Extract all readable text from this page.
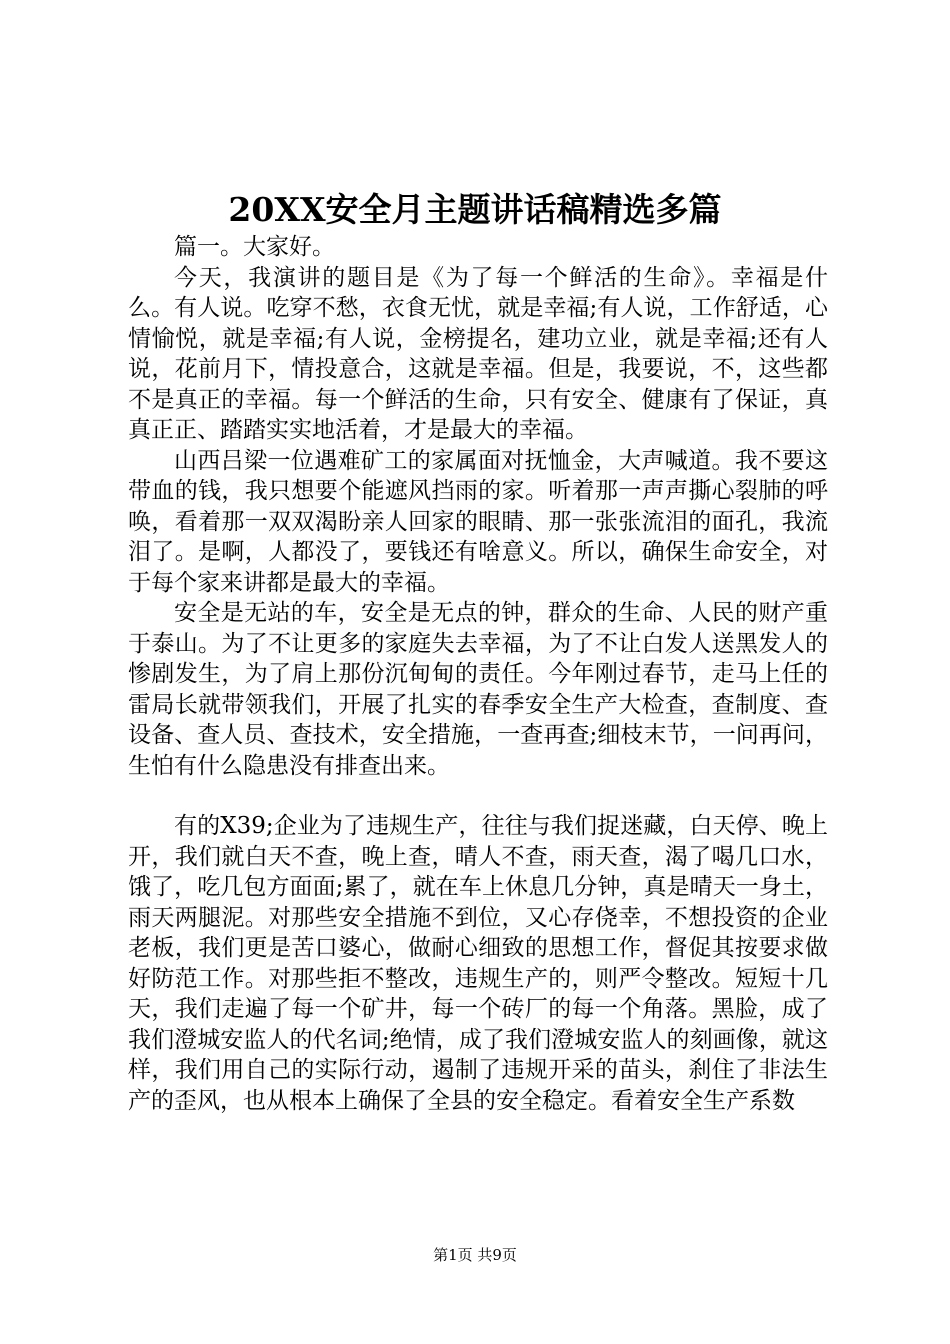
20XX安全月主题讲话稿精选多篇

篇一。大家好。

今天，我演讲的题目是《为了每一个鲜活的生命》。幸福是什么。有人说。吃穿不愁，衣食无忧，就是幸福;有人说，工作舒适，心情愉悦，就是幸福;有人说，金榜提名，建功立业，就是幸福;还有人说，花前月下，情投意合，这就是幸福。但是，我要说，不，这些都不是真正的幸福。每一个鲜活的生命，只有安全、健康有了保证，真真正正、踏踏实实地活着，才是最大的幸福。

山西吕梁一位遇难矿工的家属面对抚恤金，大声喊道。我不要这带血的钱，我只想要个能遮风挡雨的家。听着那一声声撕心裂肺的呼唤，看着那一双双渴盼亲人回家的眼睛、那一张张流泪的面孔，我流泪了。是啊，人都没了，要钱还有啥意义。所以，确保生命安全，对于每个家来讲都是最大的幸福。

安全是无站的车，安全是无点的钟，群众的生命、人民的财产重于泰山。为了不让更多的家庭失去幸福，为了不让白发人送黑发人的惨剧发生，为了肩上那份沉甸甸的责任。今年刚过春节，走马上任的雷局长就带领我们，开展了扎实的春季安全生产大检查，查制度、查设备、查人员、查技术，安全措施，一查再查;细枝末节，一问再问，生怕有什么隐患没有排查出来。

有的X39;企业为了违规生产，往往与我们捉迷藏，白天停、晚上开，我们就白天不查，晚上查，晴人不查，雨天查，渴了喝几口水，饿了，吃几包方面面;累了，就在车上休息几分钟，真是晴天一身土，雨天两腿泥。对那些安全措施不到位，又心存侥幸，不想投资的企业老板，我们更是苦口婆心，做耐心细致的思想工作，督促其按要求做好防范工作。对那些拒不整改，违规生产的，则严令整改。短短十几天，我们走遍了每一个矿井，每一个砖厂的每一个角落。黑脸，成了我们澄城安监人的代名词;绝情，成了我们澄城安监人的刻画像，就这样，我们用自己的实际行动，遏制了违规开采的苗头，刹住了非法生产的歪风，也从根本上确保了全县的安全稳定。看着安全生产系数

第1页 共9页
